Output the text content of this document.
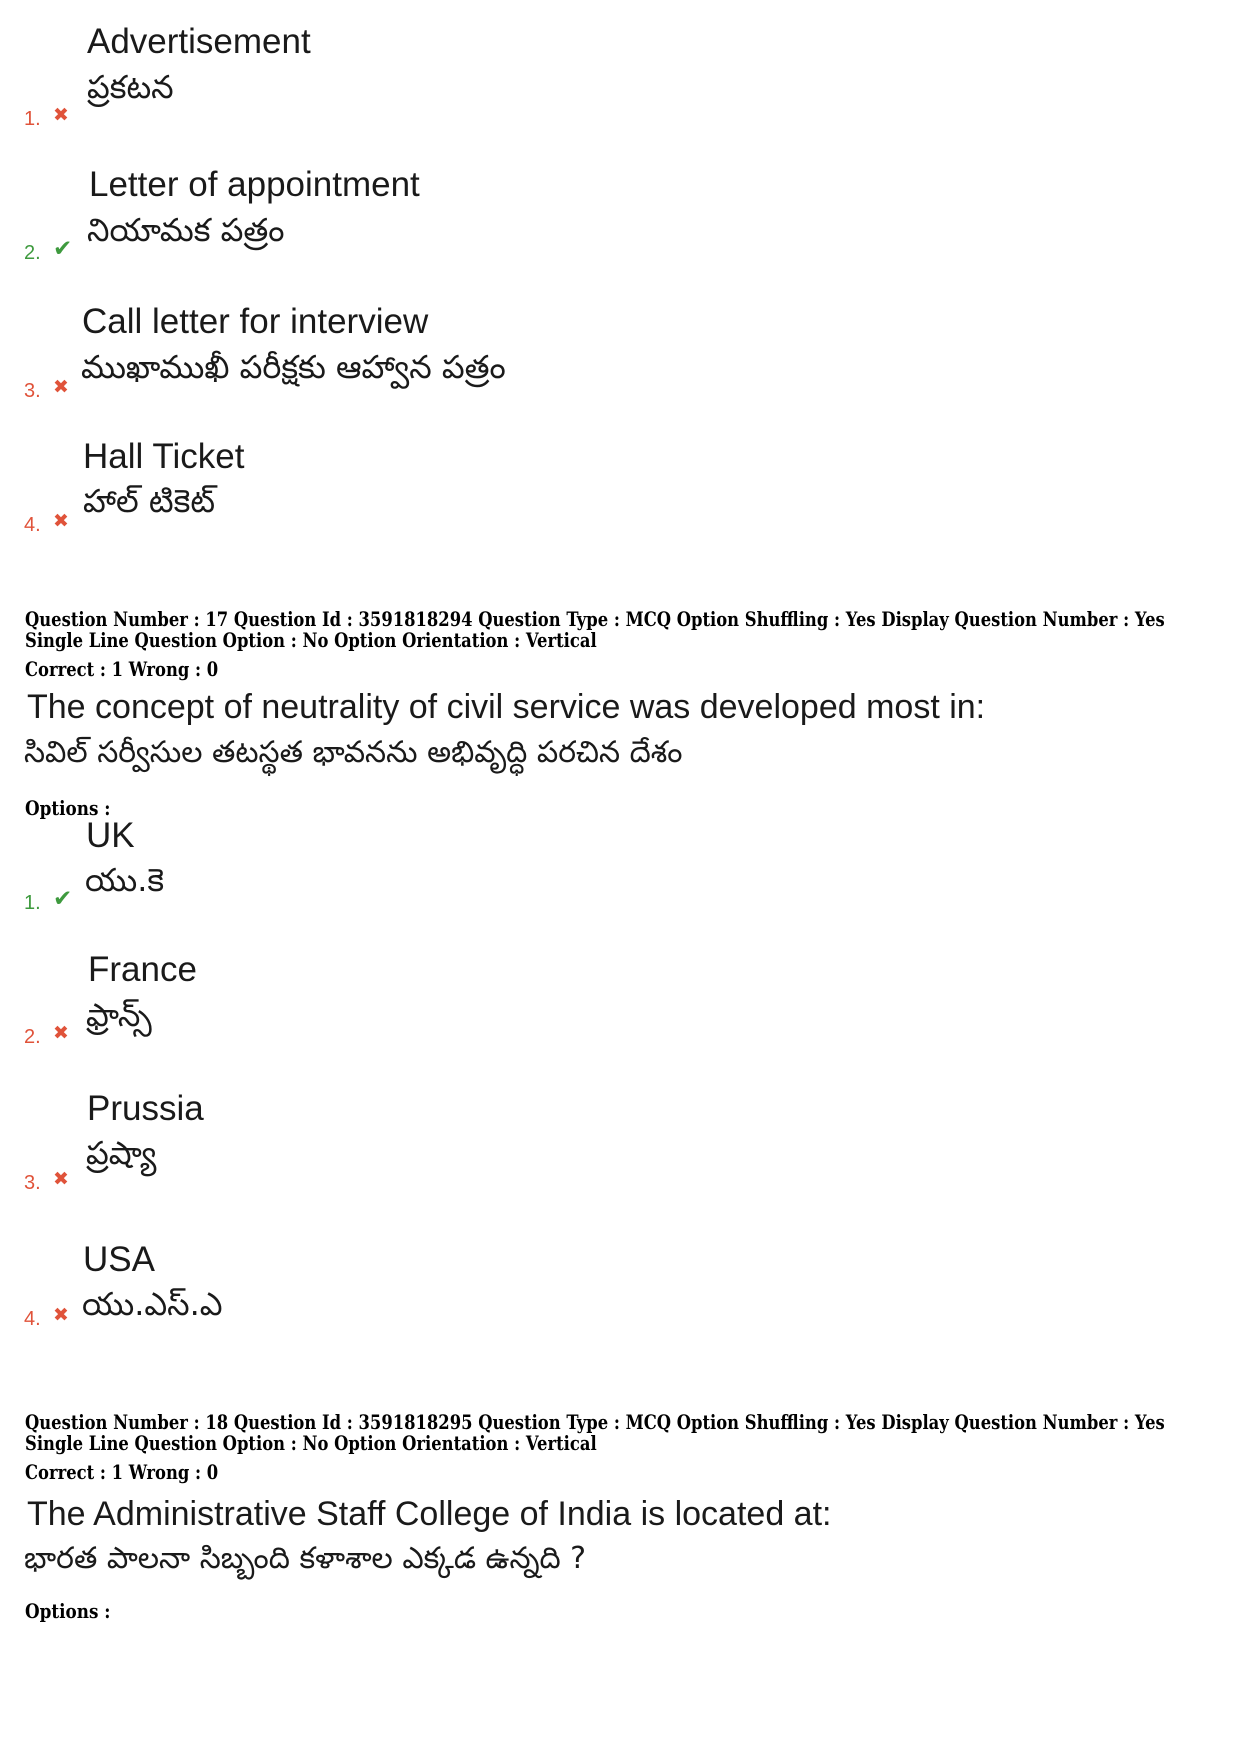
Advertisement
ప్రకటన
1. ✖
Letter of appointment
నియామక పత్రం
2. ✔
Call letter for interview
ముఖాముఖీ పరీక్షకు ఆహ్వాన పత్రం
3. ✖
Hall Ticket
హాల్ టికెట్
4. ✖
Question Number : 17 Question Id : 3591818294 Question Type : MCQ Option Shuffling : Yes Display Question Number : Yes
Single Line Question Option : No Option Orientation : Vertical
Correct : 1 Wrong : 0
The concept of neutrality of civil service was developed most in:
సివిల్ సర్వీసుల తటస్థత భావనను అభివృద్ధి పరచిన దేశం
Options :
UK
యు.కె
1. ✔
France
ఫ్రాన్స్
2. ✖
Prussia
ప్రష్యా
3. ✖
USA
యు.ఎస్.ఎ
4. ✖
Question Number : 18 Question Id : 3591818295 Question Type : MCQ Option Shuffling : Yes Display Question Number : Yes
Single Line Question Option : No Option Orientation : Vertical
Correct : 1 Wrong : 0
The Administrative Staff College of India is located at:
భారత పాలనా సిబ్బంది కళాశాల ఎక్కడ ఉన్నది ?
Options :
